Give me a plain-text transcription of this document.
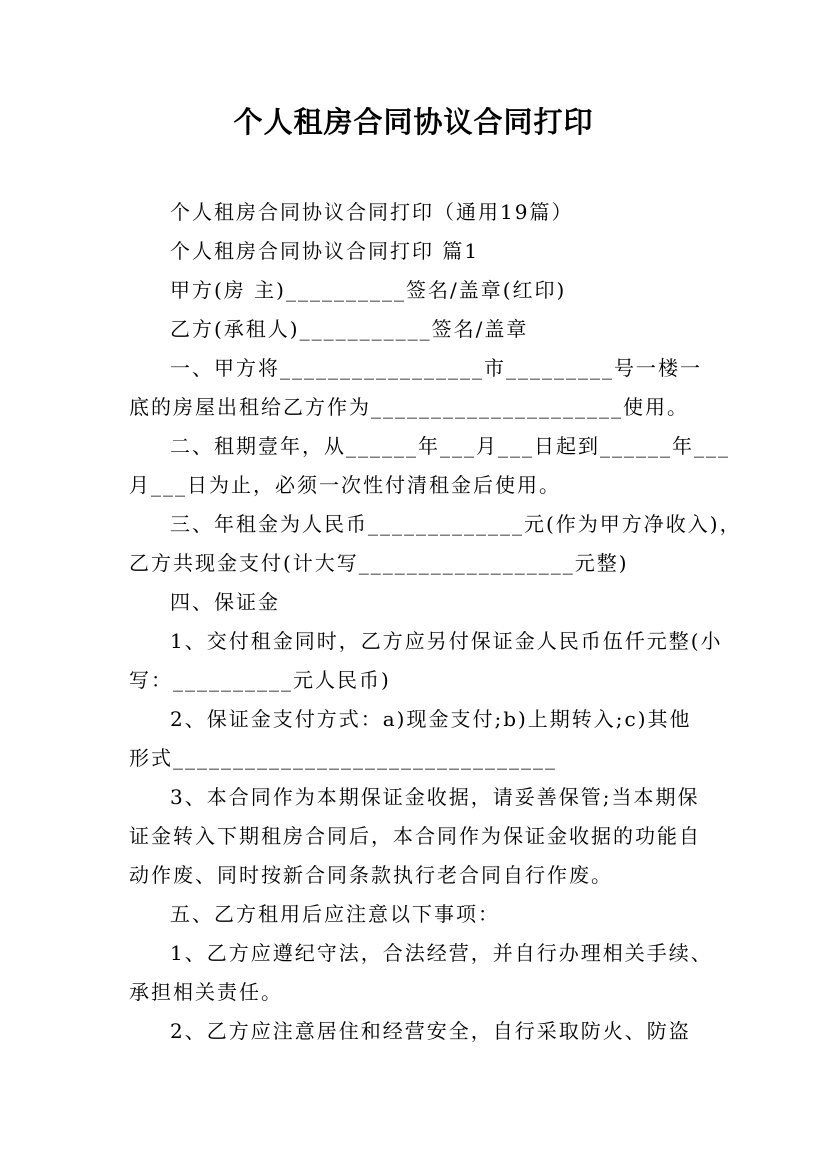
个人租房合同协议合同打印
个人租房合同协议合同打印（通用19篇）
个人租房合同协议合同打印 篇1
甲方(房 主)__________签名/盖章(红印)
乙方(承租人)___________签名/盖章
一、甲方将_________________市_________号一楼一
底的房屋出租给乙方作为_____________________使用。
二、租期壹年，从______年___月___日起到______年___
月___日为止，必须一次性付清租金后使用。
三、年租金为人民币_____________元(作为甲方净收入)，
乙方共现金支付(计大写__________________元整)
四、保证金
1、交付租金同时，乙方应另付保证金人民币伍仟元整(小
写：__________元人民币)
2、保证金支付方式：a)现金支付;b)上期转入;c)其他
形式________________________________
3、本合同作为本期保证金收据，请妥善保管;当本期保
证金转入下期租房合同后，本合同作为保证金收据的功能自
动作废、同时按新合同条款执行老合同自行作废。
五、乙方租用后应注意以下事项：
1、乙方应遵纪守法，合法经营，并自行办理相关手续、
承担相关责任。
2、乙方应注意居住和经营安全，自行采取防火、防盗
